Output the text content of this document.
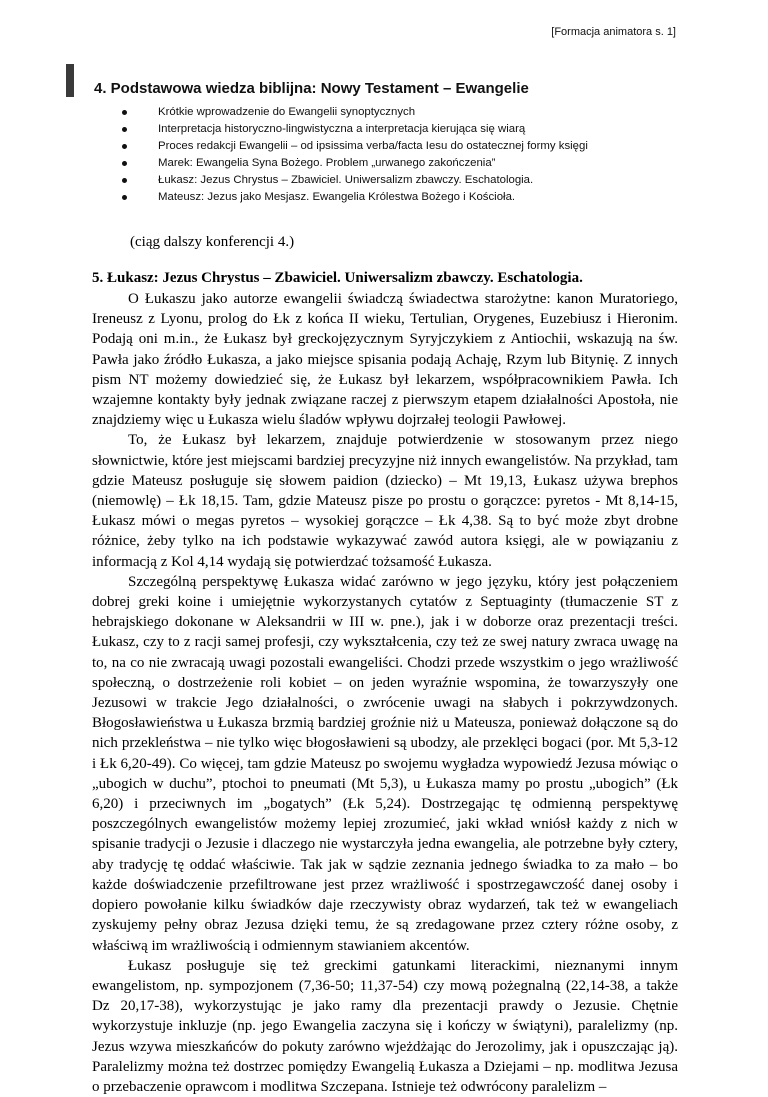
[Formacja animatora s. 1]
4. Podstawowa wiedza biblijna: Nowy Testament – Ewangelie
Krótkie wprowadzenie do Ewangelii synoptycznych
Interpretacja historyczno-lingwistyczna a interpretacja kierująca się wiarą
Proces redakcji Ewangelii – od ipsissima verba/facta Iesu do ostatecznej formy księgi
Marek: Ewangelia Syna Bożego. Problem „urwanego zakończenia”
Łukasz: Jezus Chrystus – Zbawiciel. Uniwersalizm zbawczy. Eschatologia.
Mateusz: Jezus jako Mesjasz. Ewangelia Królestwa Bożego i Kościoła.
(ciąg dalszy konferencji 4.)
5. Łukasz: Jezus Chrystus – Zbawiciel. Uniwersalizm zbawczy. Eschatologia.

O Łukaszu jako autorze ewangelii świadczą świadectwa starożytne: kanon Muratoriego, Ireneusz z Lyonu, prolog do Łk z końca II wieku, Tertulian, Orygenes, Euzebiusz i Hieronim. Podają oni m.in., że Łukasz był greckojęzycznym Syryjczykiem z Antiochii, wskazują na św. Pawła jako źródło Łukasza, a jako miejsce spisania podają Achaję, Rzym lub Bitynię. Z innych pism NT możemy dowiedzieć się, że Łukasz był lekarzem, współpracownikiem Pawła. Ich wzajemne kontakty były jednak związane raczej z pierwszym etapem działalności Apostoła, nie znajdziemy więc u Łukasza wielu śladów wpływu dojrzałej teologii Pawłowej.

To, że Łukasz był lekarzem, znajduje potwierdzenie w stosowanym przez niego słownictwie, które jest miejscami bardziej precyzyjne niż innych ewangelistów. Na przykład, tam gdzie Mateusz posługuje się słowem paidion (dziecko) – Mt 19,13, Łukasz używa brephos (niemowlę) – Łk 18,15. Tam, gdzie Mateusz pisze po prostu o gorączce: pyretos - Mt 8,14-15, Łukasz mówi o megas pyretos – wysokiej gorączce – Łk 4,38. Są to być może zbyt drobne różnice, żeby tylko na ich podstawie wykazywać zawód autora księgi, ale w powiązaniu z informacją z Kol 4,14 wydają się potwierdzać tożsamość Łukasza.

Szczególną perspektywę Łukasza widać zarówno w jego języku, który jest połączeniem dobrej greki koine i umiejętnie wykorzystanych cytatów z Septuaginty (tłumaczenie ST z hebrajskiego dokonane w Aleksandrii w III w. pne.), jak i w doborze oraz prezentacji treści. Łukasz, czy to z racji samej profesji, czy wykształcenia, czy też ze swej natury zwraca uwagę na to, na co nie zwracają uwagi pozostali ewangeliści. Chodzi przede wszystkim o jego wrażliwość społeczną, o dostrzeżenie roli kobiet – on jeden wyraźnie wspomina, że towarzyszyły one Jezusowi w trakcie Jego działalności, o zwrócenie uwagi na słabych i pokrzywdzonych. Błogosławieństwa u Łukasza brzmią bardziej groźnie niż u Mateusza, ponieważ dołączone są do nich przekleństwa – nie tylko więc błogosławieni są ubodzy, ale przeklęci bogaci (por. Mt 5,3-12 i Łk 6,20-49). Co więcej, tam gdzie Mateusz po swojemu wygładza wypowiedź Jezusa mówiąc o „ubogich w duchu”, ptochoi to pneumati (Mt 5,3), u Łukasza mamy po prostu „ubogich” (Łk 6,20) i przeciwnych im „bogatych” (Łk 5,24). Dostrzegając tę odmienną perspektywę poszczególnych ewangelistów możemy lepiej zrozumieć, jaki wkład wniósł każdy z nich w spisanie tradycji o Jezusie i dlaczego nie wystarczyła jedna ewangelia, ale potrzebne były cztery, aby tradycję tę oddać właściwie. Tak jak w sądzie zeznania jednego świadka to za mało – bo każde doświadczenie przefiltrowane jest przez wrażliwość i spostrzegawczość danej osoby i dopiero powołanie kilku świadków daje rzeczywisty obraz wydarzeń, tak też w ewangeliach zyskujemy pełny obraz Jezusa dzięki temu, że są zredagowane przez cztery różne osoby, z właściwą im wrażliwością i odmiennym stawianiem akcentów.

Łukasz posługuje się też greckimi gatunkami literackimi, nieznanymi innym ewangelistom, np. sympozjonem (7,36-50; 11,37-54) czy mową pożegnalną (22,14-38, a także Dz 20,17-38), wykorzystując je jako ramy dla prezentacji prawdy o Jezusie. Chętnie wykorzystuje inkluzje (np. jego Ewangelia zaczyna się i kończy w świątyni), paralelizmy (np. Jezus wzywa mieszkańców do pokuty zarówno wjeżdżając do Jerozolimy, jak i opuszczając ją). Paralelizmy można też dostrzec pomiędzy Ewangelią Łukasza a Dziejami – np. modlitwa Jezusa o przebaczenie oprawcom i modlitwa Szczepana. Istnieje też odwrócony paralelizm –
